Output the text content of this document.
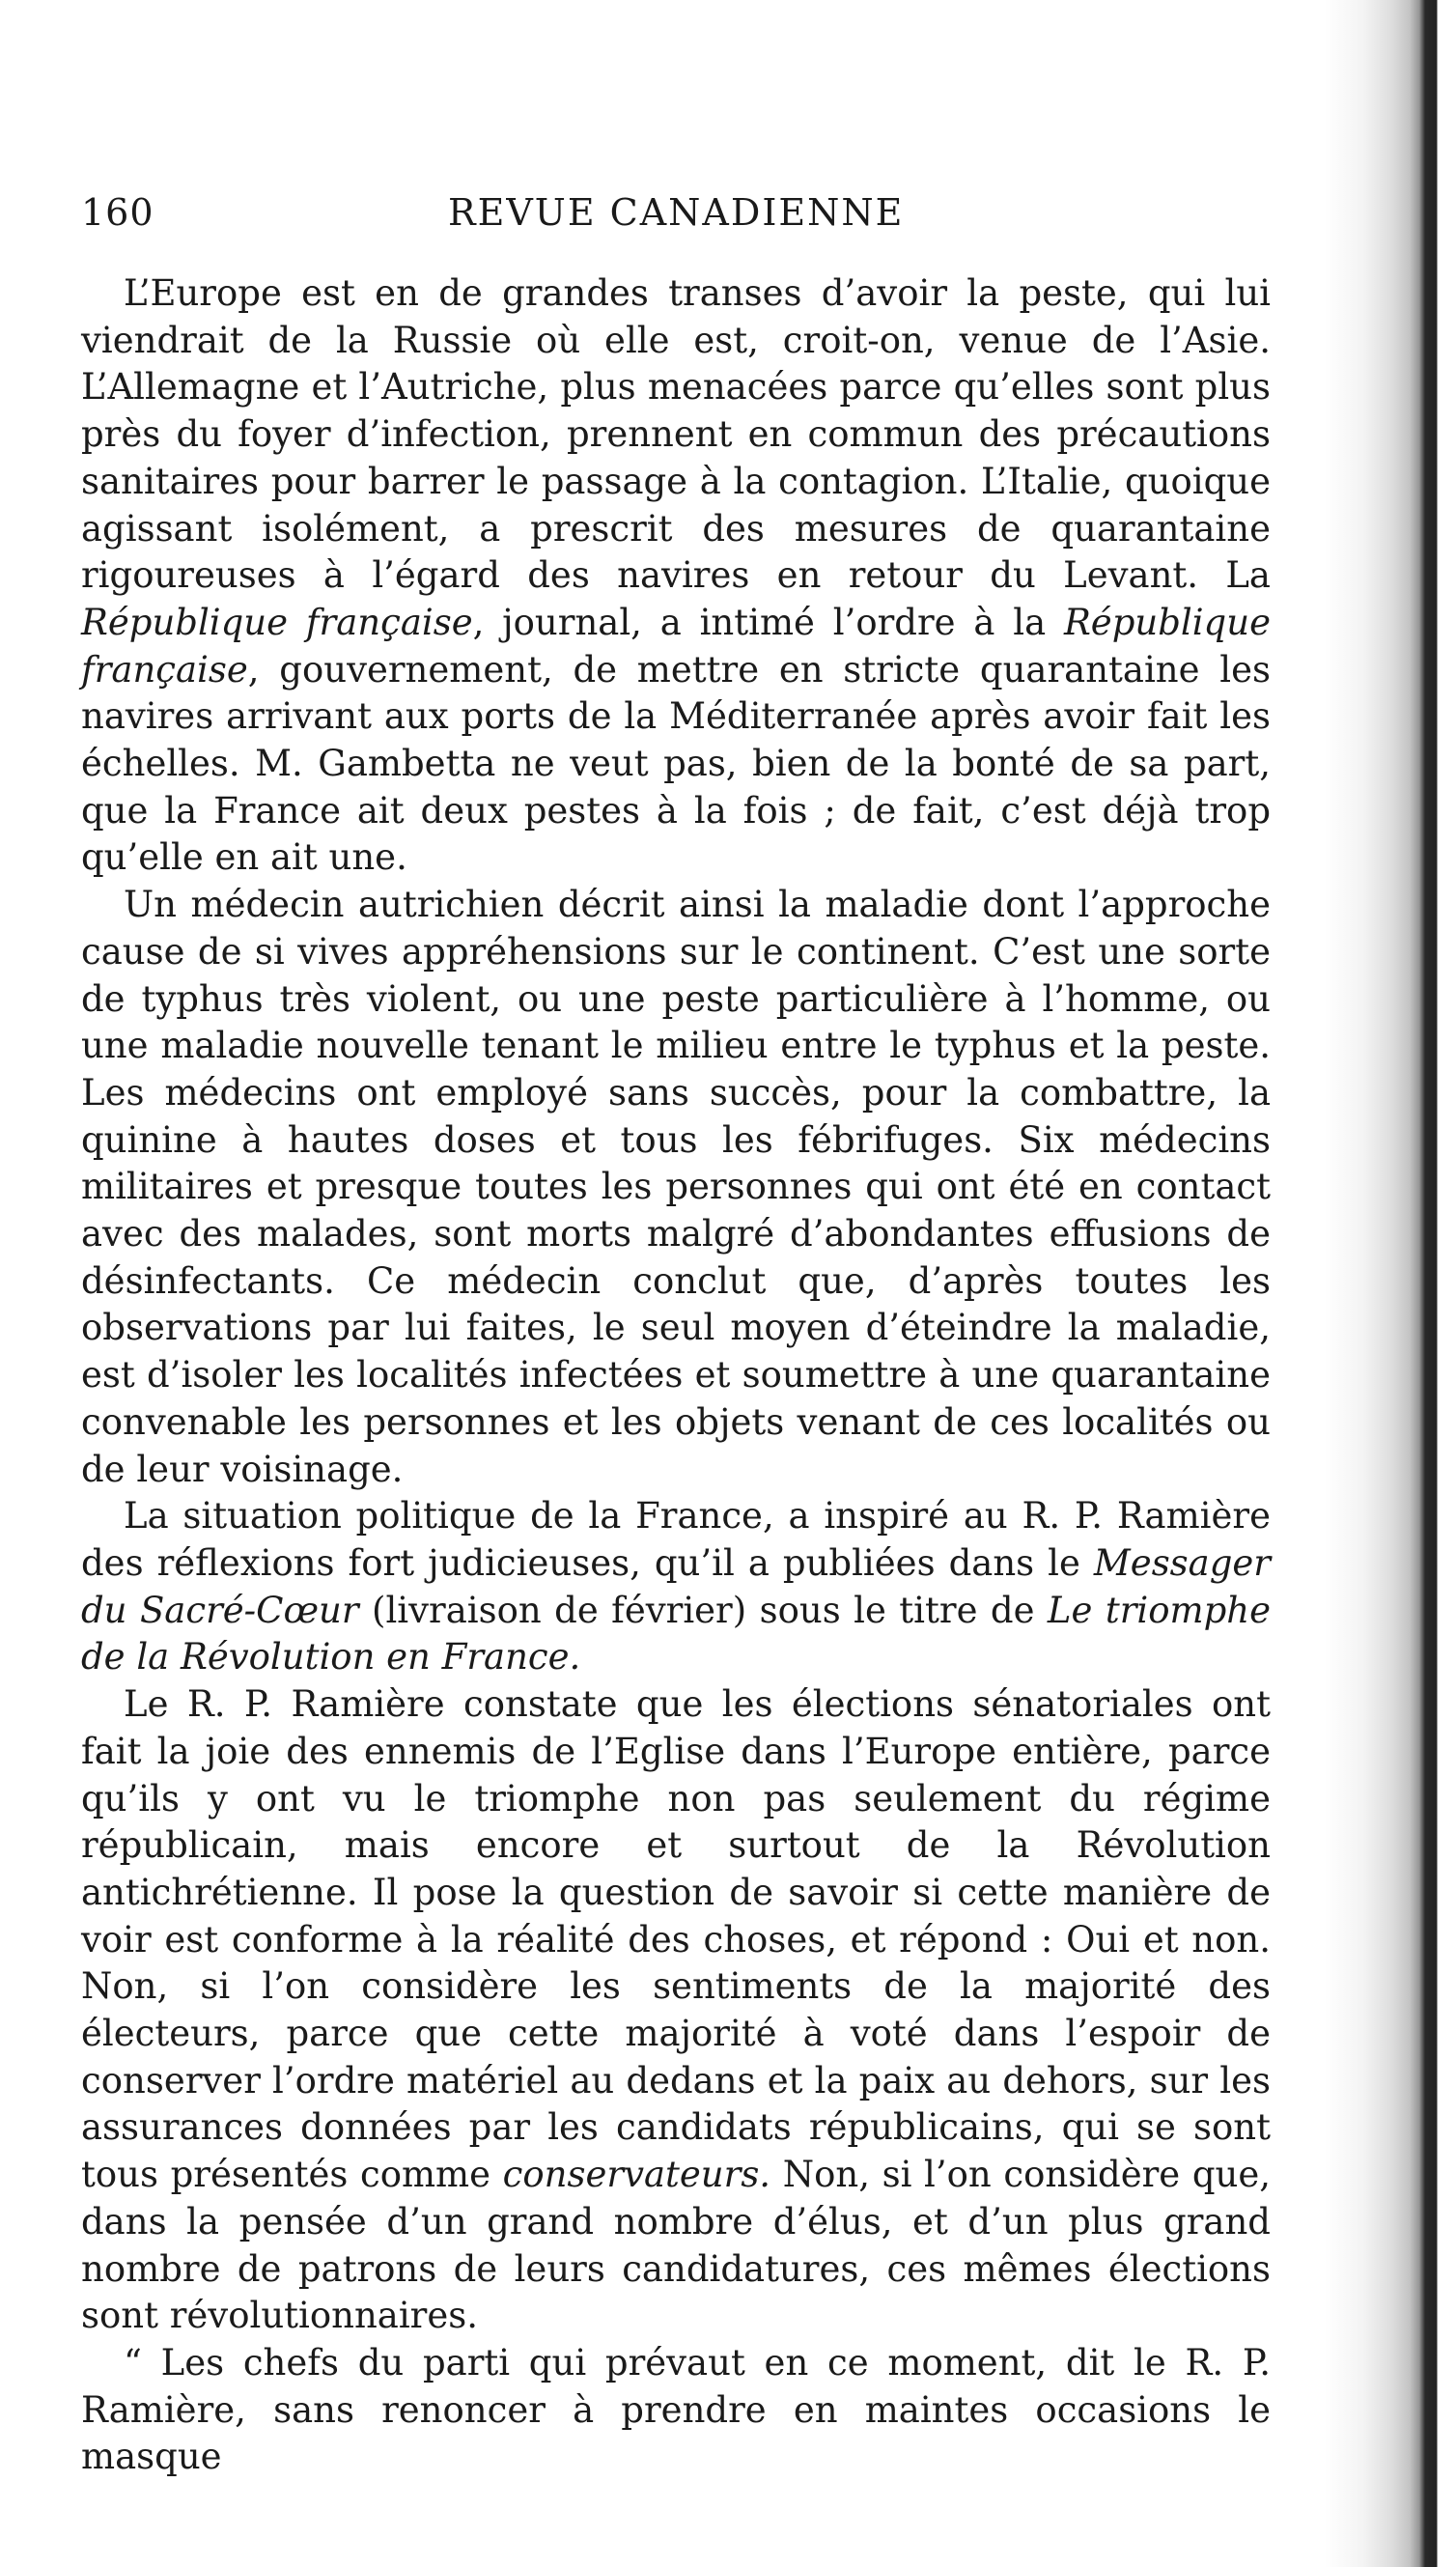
160	REVUE CANADIENNE

L’Europe est en de grandes transes d’avoir la peste, qui lui viendrait de la Russie où elle est, croit-on, venue de l’Asie. L’Allemagne et l’Autriche, plus menacées parce qu’elles sont plus près du foyer d’infection, prennent en commun des précautions sanitaires pour barrer le passage à la contagion. L’Italie, quoique agissant isolément, a prescrit des mesures de quarantaine rigoureuses à l’égard des navires en retour du Levant. La République française, journal, a intimé l’ordre à la République française, gouvernement, de mettre en stricte quarantaine les navires arrivant aux ports de la Méditerranée après avoir fait les échelles. M. Gambetta ne veut pas, bien de la bonté de sa part, que la France ait deux pestes à la fois ; de fait, c’est déjà trop qu’elle en ait une.

Un médecin autrichien décrit ainsi la maladie dont l’approche cause de si vives appréhensions sur le continent. C’est une sorte de typhus très violent, ou une peste particulière à l’homme, ou une maladie nouvelle tenant le milieu entre le typhus et la peste. Les médecins ont employé sans succès, pour la combattre, la quinine à hautes doses et tous les fébrifuges. Six médecins militaires et presque toutes les personnes qui ont été en contact avec des malades, sont morts malgré d’abondantes effusions de désinfectants. Ce médecin conclut que, d’après toutes les observations par lui faites, le seul moyen d’éteindre la maladie, est d’isoler les localités infectées et soumettre à une quarantaine convenable les personnes et les objets venant de ces localités ou de leur voisinage.

La situation politique de la France, a inspiré au R. P. Ramière des réflexions fort judicieuses, qu’il a publiées dans le Messager du Sacré-Cœur (livraison de février) sous le titre de Le triomphe de la Révolution en France.

Le R. P. Ramière constate que les élections sénatoriales ont fait la joie des ennemis de l’Eglise dans l’Europe entière, parce qu’ils y ont vu le triomphe non pas seulement du régime républicain, mais encore et surtout de la Révolution antichrétienne. Il pose la question de savoir si cette manière de voir est conforme à la réalité des choses, et répond : Oui et non. Non, si l’on considère les sentiments de la majorité des électeurs, parce que cette majorité à voté dans l’espoir de conserver l’ordre matériel au dedans et la paix au dehors, sur les assurances données par les candidats républicains, qui se sont tous présentés comme conservateurs. Non, si l’on considère que, dans la pensée d’un grand nombre d’élus, et d’un plus grand nombre de patrons de leurs candidatures, ces mêmes élections sont révolutionnaires.

“ Les chefs du parti qui prévaut en ce moment, dit le R. P. Ramière, sans renoncer à prendre en maintes occasions le masque
